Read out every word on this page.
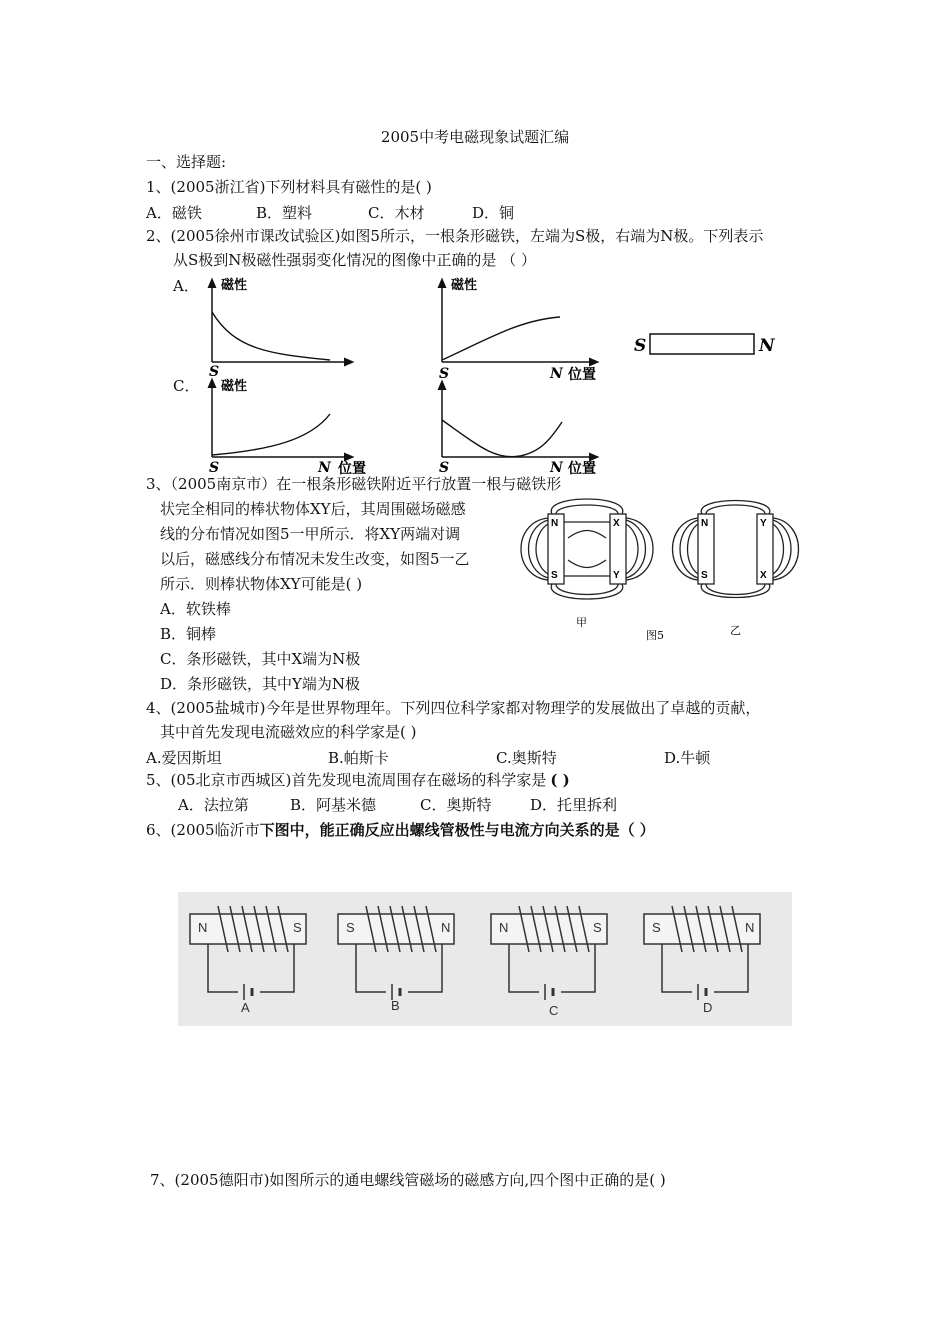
2005中考电磁现象试题汇编
一、选择题:
1、(2005浙江省)下列材料具有磁性的是( )
A．磁铁	B．塑料	C．木材	D．铜
2、(2005徐州市课改试验区)如图5所示，一根条形磁铁，左端为S极，右端为N极。下列表示
从S极到N极磁性强弱变化情况的图像中正确的是 （ ）
A．
C．
磁性
S
磁性
S	N 位置
磁性
S	N 位置	S	N 位置
S	N
3、（2005南京市）在一根条形磁铁附近平行放置一根与磁铁形
状完全相同的棒状物体XY后，其周围磁场磁感
线的分布情况如图5一甲所示．将XY两端对调
以后，磁感线分布情况未发生改变，如图5一乙
所示．则棒状物体XY可能是( )
A．软铁棒
B．铜棒
C．条形磁铁，其中X端为N极
D．条形磁铁，其中Y端为N极
N
S
X
Y
N
S
Y
X
甲
图5	乙
4、(2005盐城市)今年是世界物理年。下列四位科学家都对物理学的发展做出了卓越的贡献，
其中首先发现电流磁效应的科学家是( )
A.爱因斯坦	B.帕斯卡	C.奥斯特	D.牛顿
5、(05北京市西城区)首先发现电流周围存在磁场的科学家是 ( )
A．法拉第	B．阿基米德	C．奥斯特	D．托里拆利
6、(2005临沂市下图中，能正确反应出螺线管极性与电流方向关系的是（ ）
N	S
A
S	N
B
N	S
C
S	N
D
7、(2005德阳市)如图所示的通电螺线管磁场的磁感方向,四个图中正确的是( )
